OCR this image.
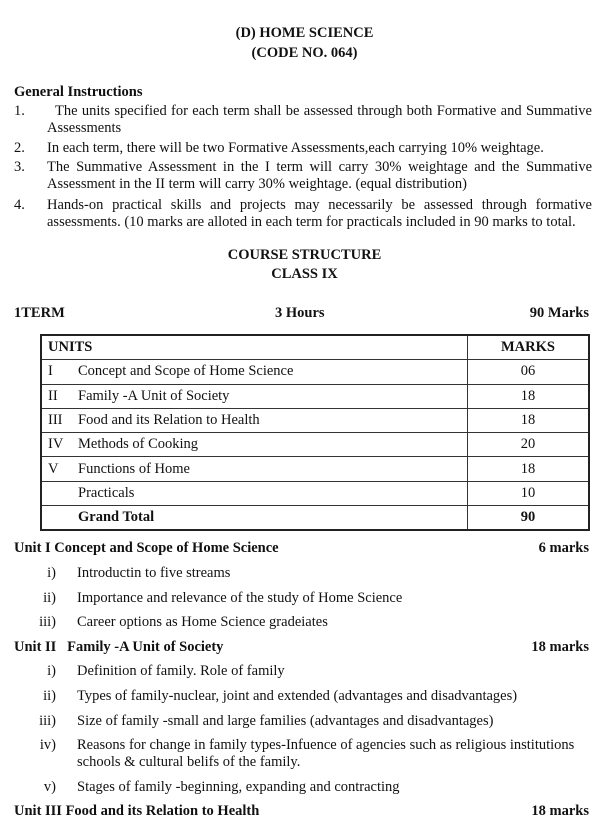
(D) HOME SCIENCE
(CODE NO. 064)
General Instructions
1.	The units specified for each term shall be assessed through both Formative and Summative Assessments
2. In each term, there will be two Formative Assessments,each carrying 10% weightage.
3. The Summative Assessment in the I term will carry 30% weightage and the Summative Assessment in the II term will carry 30% weightage. (equal distribution)
4. Hands-on practical skills and projects may necessarily be assessed through formative assessments. (10 marks are alloted in each term for practicals included in 90 marks to total.
COURSE STRUCTURE
CLASS IX
1TERM	3 Hours	90 Marks
UNITS		MARKS
I	Concept and Scope of Home Science	06
II	Family -A Unit of Society	18
III	Food and its Relation to Health	18
IV	Methods of Cooking	20
V	Functions of Home	18
	Practicals	10
	Grand Total	90
Unit I Concept and Scope of Home Science	6 marks
i) Introductin to five streams
ii) Importance and relevance of the study of Home Science
iii) Career options as Home Science gradeiates
Unit II   Family -A Unit of Society	18 marks
i) Definition of family. Role of family
ii) Types of family-nuclear, joint and extended (advantages and disadvantages)
iii) Size of family -small and large families (advantages and disadvantages)
iv) Reasons for change in family types-Infuence of agencies such as religious institutions schools & cultural belifs of the family.
v) Stages of family -beginning, expanding and contracting
Unit III Food and its Relation to Health	18 marks
